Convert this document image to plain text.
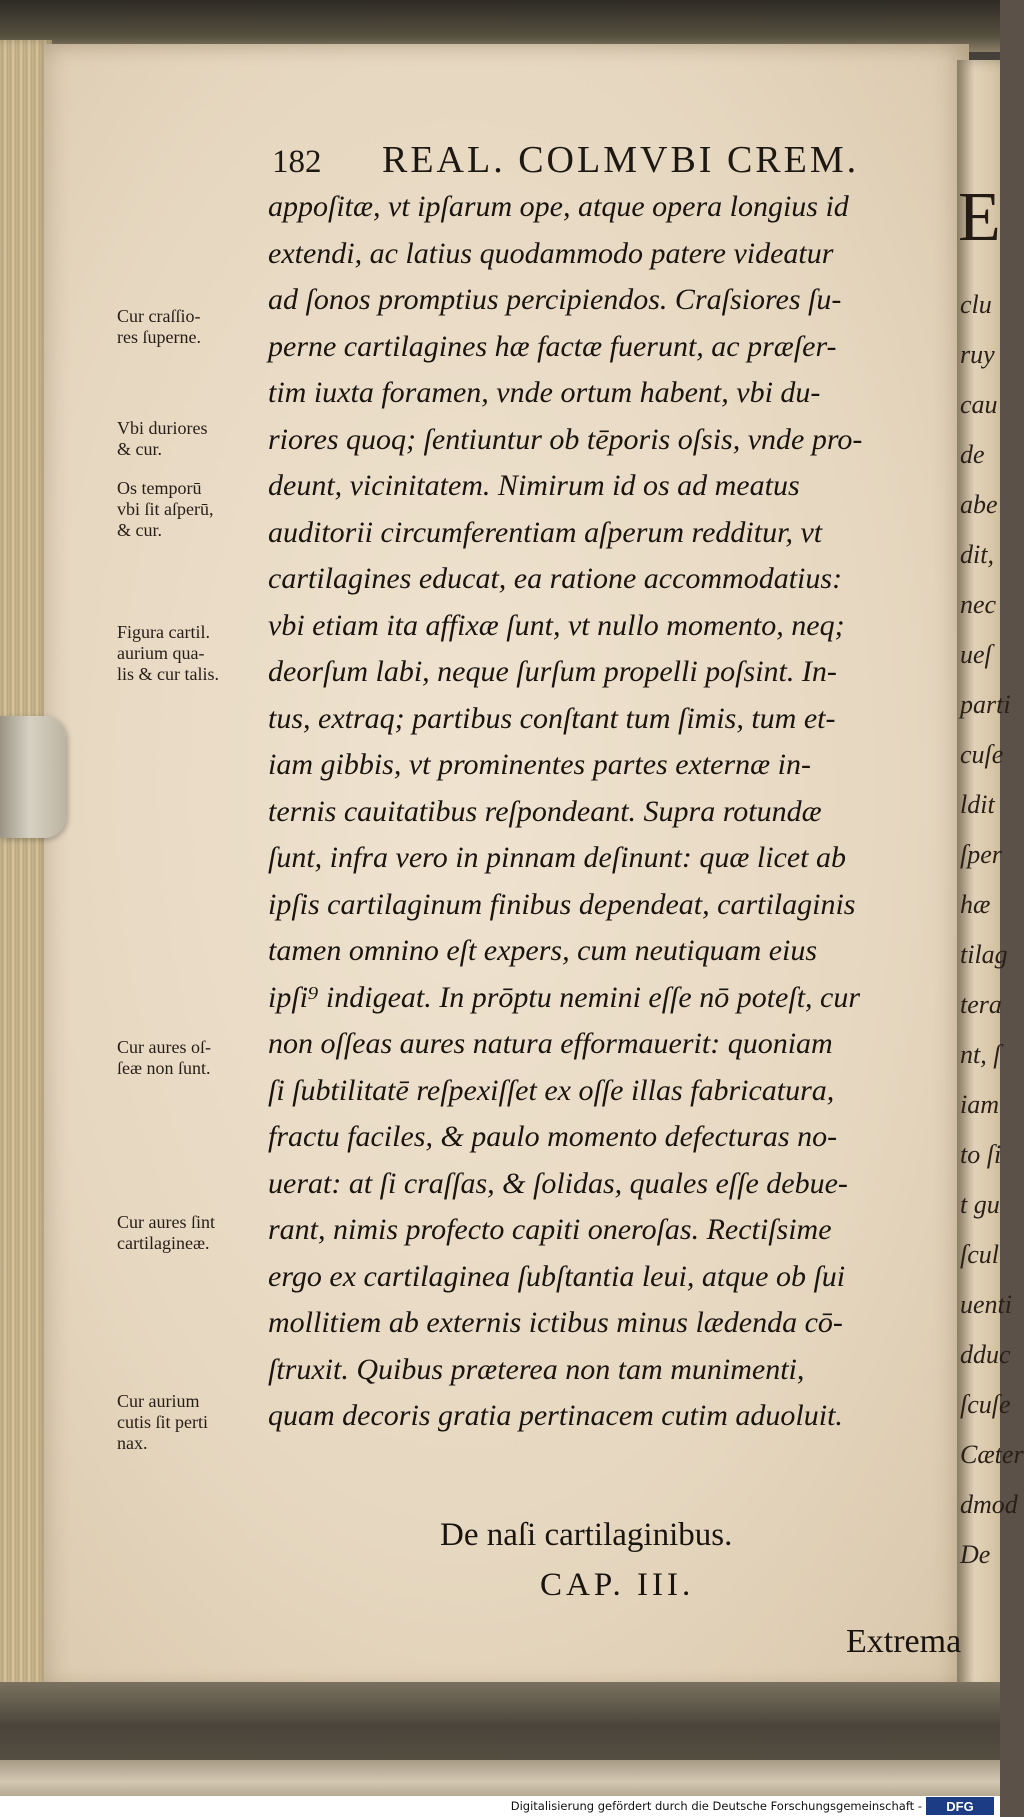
E
clu
ruy
cau
de
abe
dit,
nec
ueſ
parti
cuſe
ldit
ſper
hæ
tilag
tera
nt, ſ
iam
to ſi
t gu
ſcul
uenti
dduc
ſcuſe
Cæter
dmod
De
182 REAL. COLMVBI CREM.
appoſitæ, vt ipſarum ope, atque opera longius id
extendi, ac latius quodammodo patere videatur
ad ſonos promptius percipiendos. Craſsiores ſu-
perne cartilagines hæ factæ fuerunt, ac præſer-
tim iuxta foramen, vnde ortum habent, vbi du-
riores quoq; ſentiuntur ob tēporis oſsis, vnde pro-
deunt, vicinitatem. Nimirum id os ad meatus
auditorii circumferentiam aſperum redditur, vt
cartilagines educat, ea ratione accommodatius:
vbi etiam ita affixæ ſunt, vt nullo momento, neq;
deorſum labi, neque ſurſum propelli poſsint. In-
tus, extraq; partibus conſtant tum ſimis, tum et-
iam gibbis, vt prominentes partes externæ in-
ternis cauitatibus reſpondeant. Supra rotundæ
ſunt, infra vero in pinnam deſinunt: quæ licet ab
ipſis cartilaginum finibus dependeat, cartilaginis
tamen omnino eſt expers, cum neutiquam eius
ipſi⁹ indigeat. In prōptu nemini eſſe nō poteſt, cur
non oſſeas aures natura efformauerit: quoniam
ſi ſubtilitatē reſpexiſſet ex oſſe illas fabricatura,
fractu faciles, & paulo momento defecturas no-
uerat: at ſi craſſas, & ſolidas, quales eſſe debue-
rant, nimis profecto capiti oneroſas. Rectiſsime
ergo ex cartilaginea ſubſtantia leui, atque ob ſui
mollitiem ab externis ictibus minus lædenda cō-
ſtruxit. Quibus præterea non tam munimenti,
quam decoris gratia pertinacem cutim aduoluit.
Cur craſſio-
res ſuperne.
Vbi duriores
& cur.
Os temporū
vbi ſit aſperū,
& cur.
Figura cartil.
aurium qua-
lis & cur talis.
Cur aures oſ-
ſeæ non ſunt.
Cur aures ſint
cartilagineæ.
Cur aurium
cutis ſit perti
nax.
De naſi cartilaginibus.
CAP. III.
Extrema
Digitalisierung gefördert durch die Deutsche Forschungsgemeinschaft - DFG
